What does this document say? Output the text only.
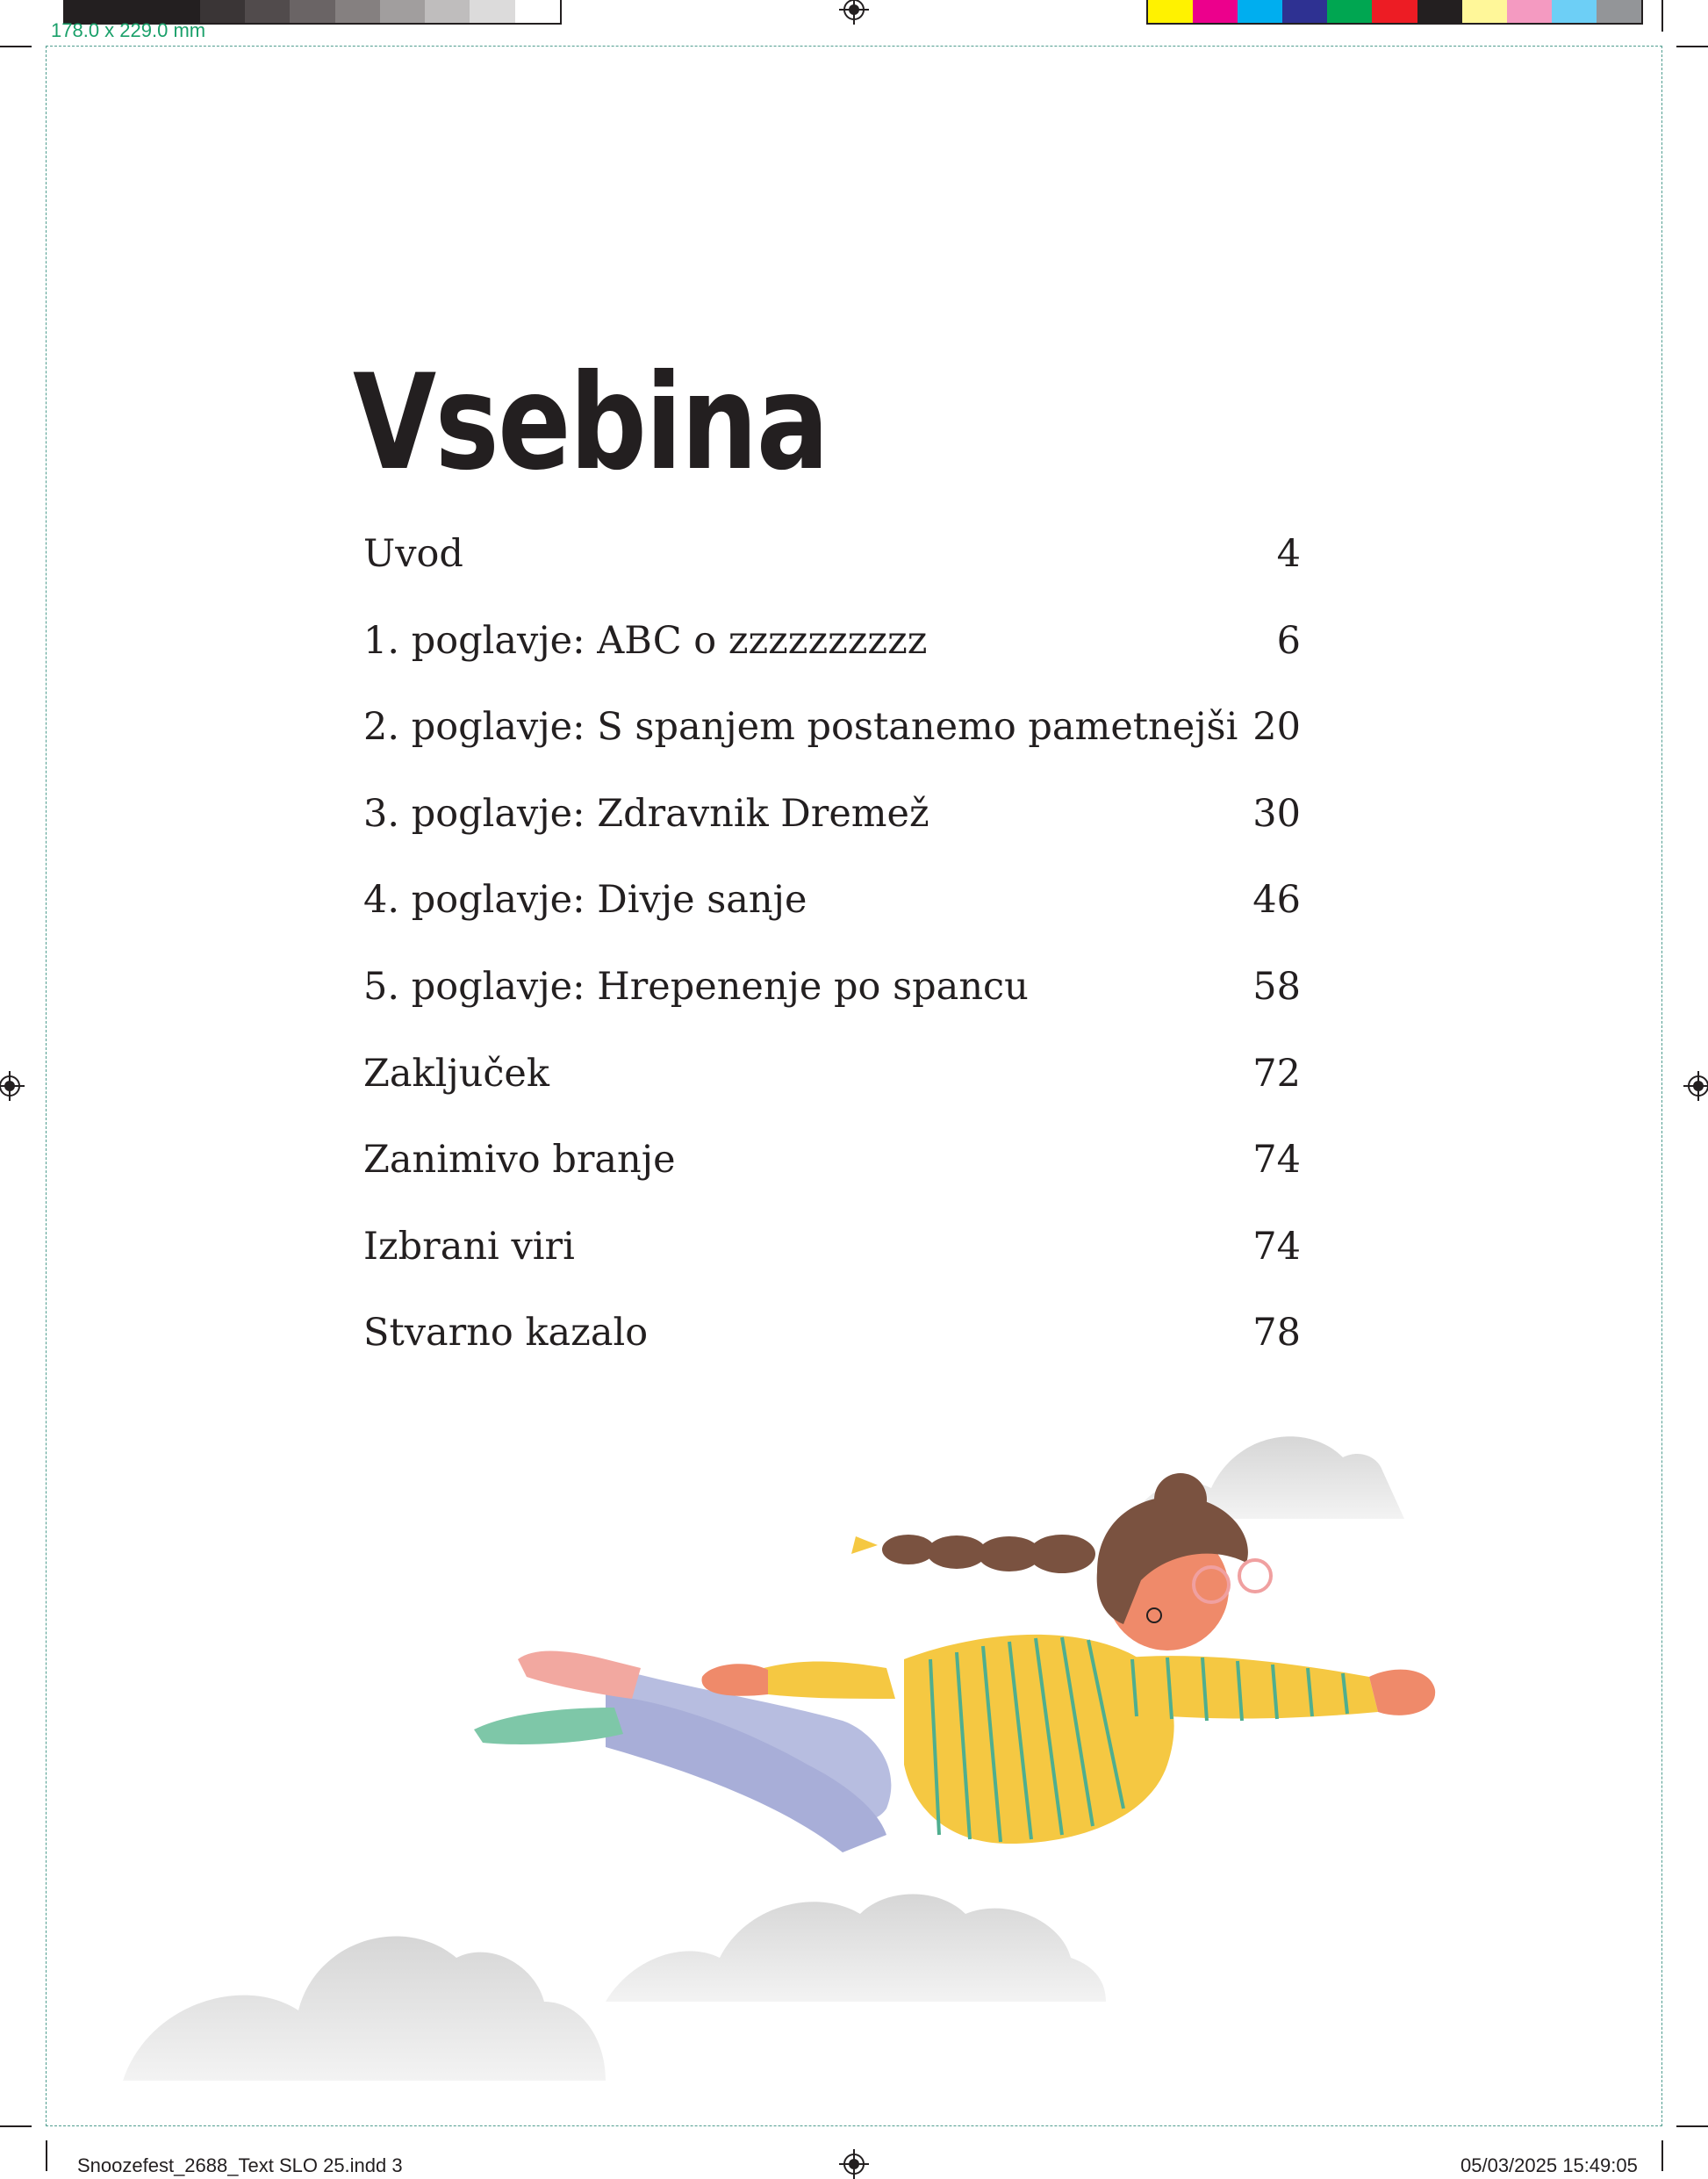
178.0 x 229.0 mm
Snoozefest_2688_Text SLO 25.indd 3	05/03/2025 15:49:05
Vsebina
Uvod	4
1. poglavje: ABC o zzzzzzzzzz	6
2. poglavje: S spanjem postanemo pametnejši 20
3. poglavje: Zdravnik Dremež	30
4. poglavje: Divje sanje	46
5. poglavje: Hrepenenje po spancu	58
Zaključek	72
Zanimivo branje	74
Izbrani viri	74
Stvarno kazalo	78
